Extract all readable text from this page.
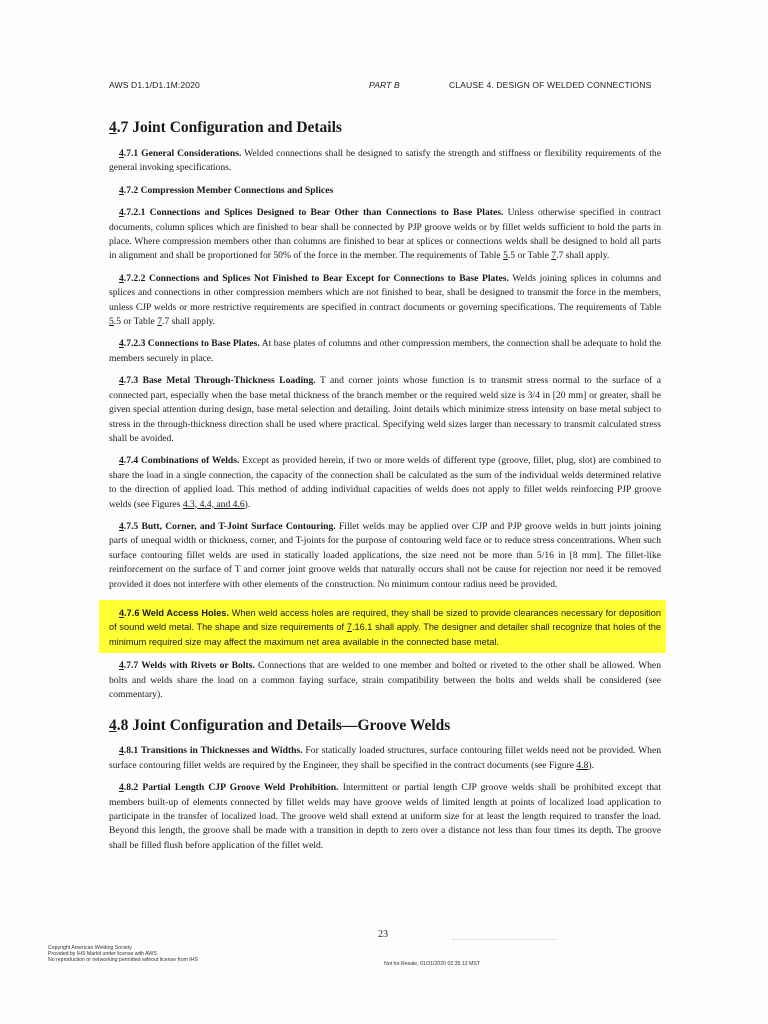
AWS D1.1/D1.1M:2020	PART B	CLAUSE 4. DESIGN OF WELDED CONNECTIONS
4.7 Joint Configuration and Details

4.7.1 General Considerations. Welded connections shall be designed to satisfy the strength and stiffness or flexibility requirements of the general invoking specifications.

4.7.2 Compression Member Connections and Splices

4.7.2.1 Connections and Splices Designed to Bear Other than Connections to Base Plates. Unless otherwise specified in contract documents, column splices which are finished to bear shall be connected by PJP groove welds or by fillet welds sufficient to hold the parts in place. Where compression members other than columns are finished to bear at splices or connections welds shall be designed to hold all parts in alignment and shall be proportioned for 50% of the force in the member. The requirements of Table 5.5 or Table 7.7 shall apply.

4.7.2.2 Connections and Splices Not Finished to Bear Except for Connections to Base Plates. Welds joining splices in columns and splices and connections in other compression members which are not finished to bear, shall be designed to transmit the force in the members, unless CJP welds or more restrictive requirements are specified in contract documents or governing specifications. The requirements of Table 5.5 or Table 7.7 shall apply.

4.7.2.3 Connections to Base Plates. At base plates of columns and other compression members, the connection shall be adequate to hold the members securely in place.

4.7.3 Base Metal Through-Thickness Loading. T and corner joints whose function is to transmit stress normal to the surface of a connected part, especially when the base metal thickness of the branch member or the required weld size is 3/4 in [20 mm] or greater, shall be given special attention during design, base metal selection and detailing. Joint details which minimize stress intensity on base metal subject to stress in the through-thickness direction shall be used where practical. Specifying weld sizes larger than necessary to transmit calculated stress shall be avoided.

4.7.4 Combinations of Welds. Except as provided herein, if two or more welds of different type (groove, fillet, plug, slot) are combined to share the load in a single connection, the capacity of the connection shall be calculated as the sum of the individual welds determined relative to the direction of applied load. This method of adding individual capacities of welds does not apply to fillet welds reinforcing PJP groove welds (see Figures 4.3, 4.4, and 4.6).

4.7.5 Butt, Corner, and T-Joint Surface Contouring. Fillet welds may be applied over CJP and PJP groove welds in butt joints joining parts of unequal width or thickness, corner, and T-joints for the purpose of contouring weld face or to reduce stress concentrations. When such surface contouring fillet welds are used in statically loaded applications, the size need not be more than 5/16 in [8 mm]. The fillet-like reinforcement on the surface of T and corner joint groove welds that naturally occurs shall not be cause for rejection nor need it be removed provided it does not interfere with other elements of the construction. No minimum contour radius need be provided.

4.7.6 Weld Access Holes. When weld access holes are required, they shall be sized to provide clearances necessary for deposition of sound weld metal. The shape and size requirements of 7.16.1 shall apply. The designer and detailer shall recognize that holes of the minimum required size may affect the maximum net area available in the connected base metal.

4.7.7 Welds with Rivets or Bolts. Connections that are welded to one member and bolted or riveted to the other shall be allowed. When bolts and welds share the load on a common faying surface, strain compatibility between the bolts and welds shall be considered (see commentary).

4.8 Joint Configuration and Details—Groove Welds

4.8.1 Transitions in Thicknesses and Widths. For statically loaded structures, surface contouring fillet welds need not be provided. When surface contouring fillet welds are required by the Engineer, they shall be specified in the contract documents (see Figure 4.8).

4.8.2 Partial Length CJP Groove Weld Prohibition. Intermittent or partial length CJP groove welds shall be prohibited except that members built-up of elements connected by fillet welds may have groove welds of limited length at points of localized load application to participate in the transfer of localized load. The groove weld shall extend at uniform size for at least the length required to transfer the load. Beyond this length, the groove shall be made with a transition in depth to zero over a distance not less than four times its depth. The groove shall be filled flush before application of the fillet weld.

23
Copyright American Welding Society
Provided by IHS Markit under license with AWS
No reproduction or networking permitted without license from IHS
Not for Resale, 01/31/2020 02:35:12 MST
